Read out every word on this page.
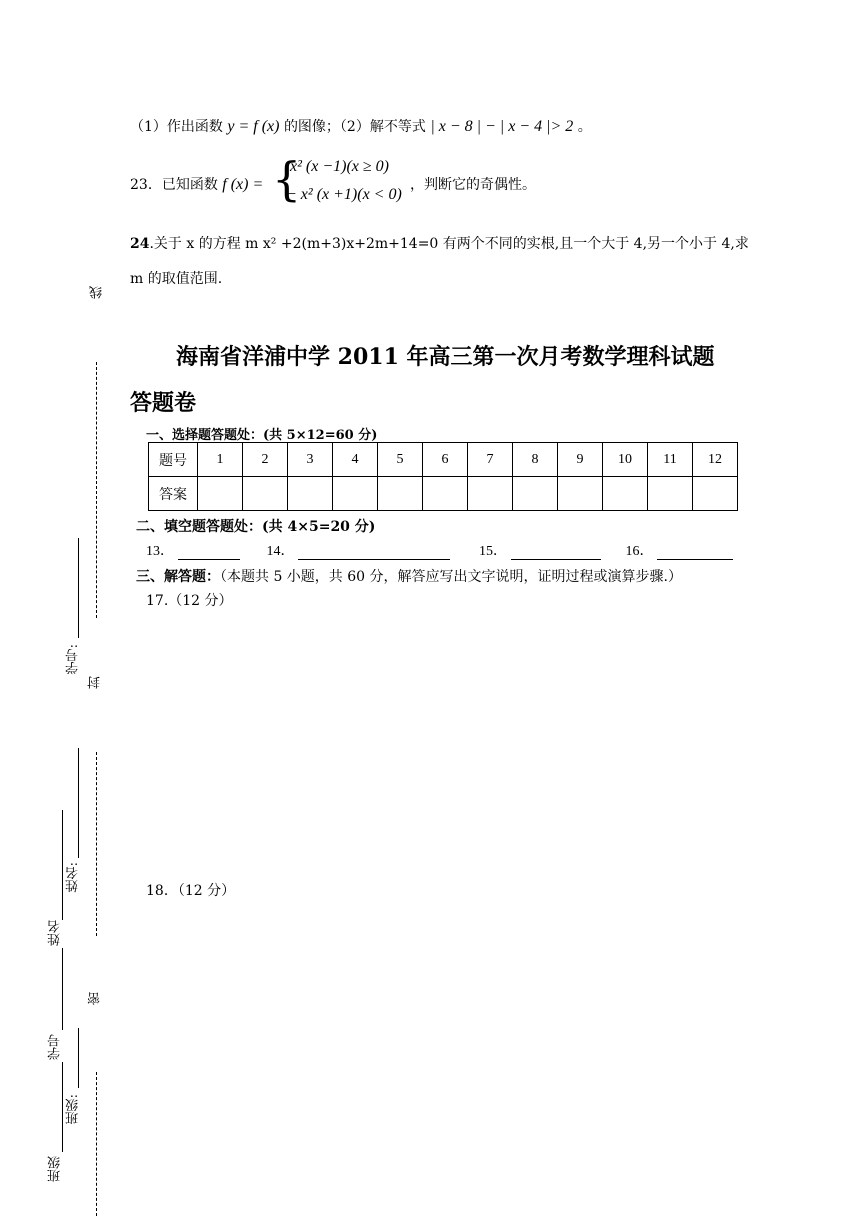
（1）作出函数 y = f (x) 的图像；（2）解不等式 | x − 8 | − | x − 4 |> 2 。
23．已知函数 f (x) = {
x² (x −1)(x ≥ 0)
− x² (x +1)(x < 0)
，判断它的奇偶性。
24.关于 x 的方程 m x² +2(m+3)x+2m+14=0 有两个不同的实根,且一个大于 4,另一个小于 4,求
m 的取值范围.
海南省洋浦中学 2011 年高三第一次月考数学理科试题
答题卷
一、选择题答题处：(共 5×12=60 分)
题号	1	2	3	4	5	6	7	8	9	10	11	12
答案												
二、填空题答题处：(共 4×5=20 分)
13．	14．	15．	16．
三、解答题：（本题共 5 小题，共 60 分，解答应写出文字说明，证明过程或演算步骤.）
17.（12 分）
18．（12 分）
线
学号:
封
姓名:
姓名
密
学号
班级:
班级
